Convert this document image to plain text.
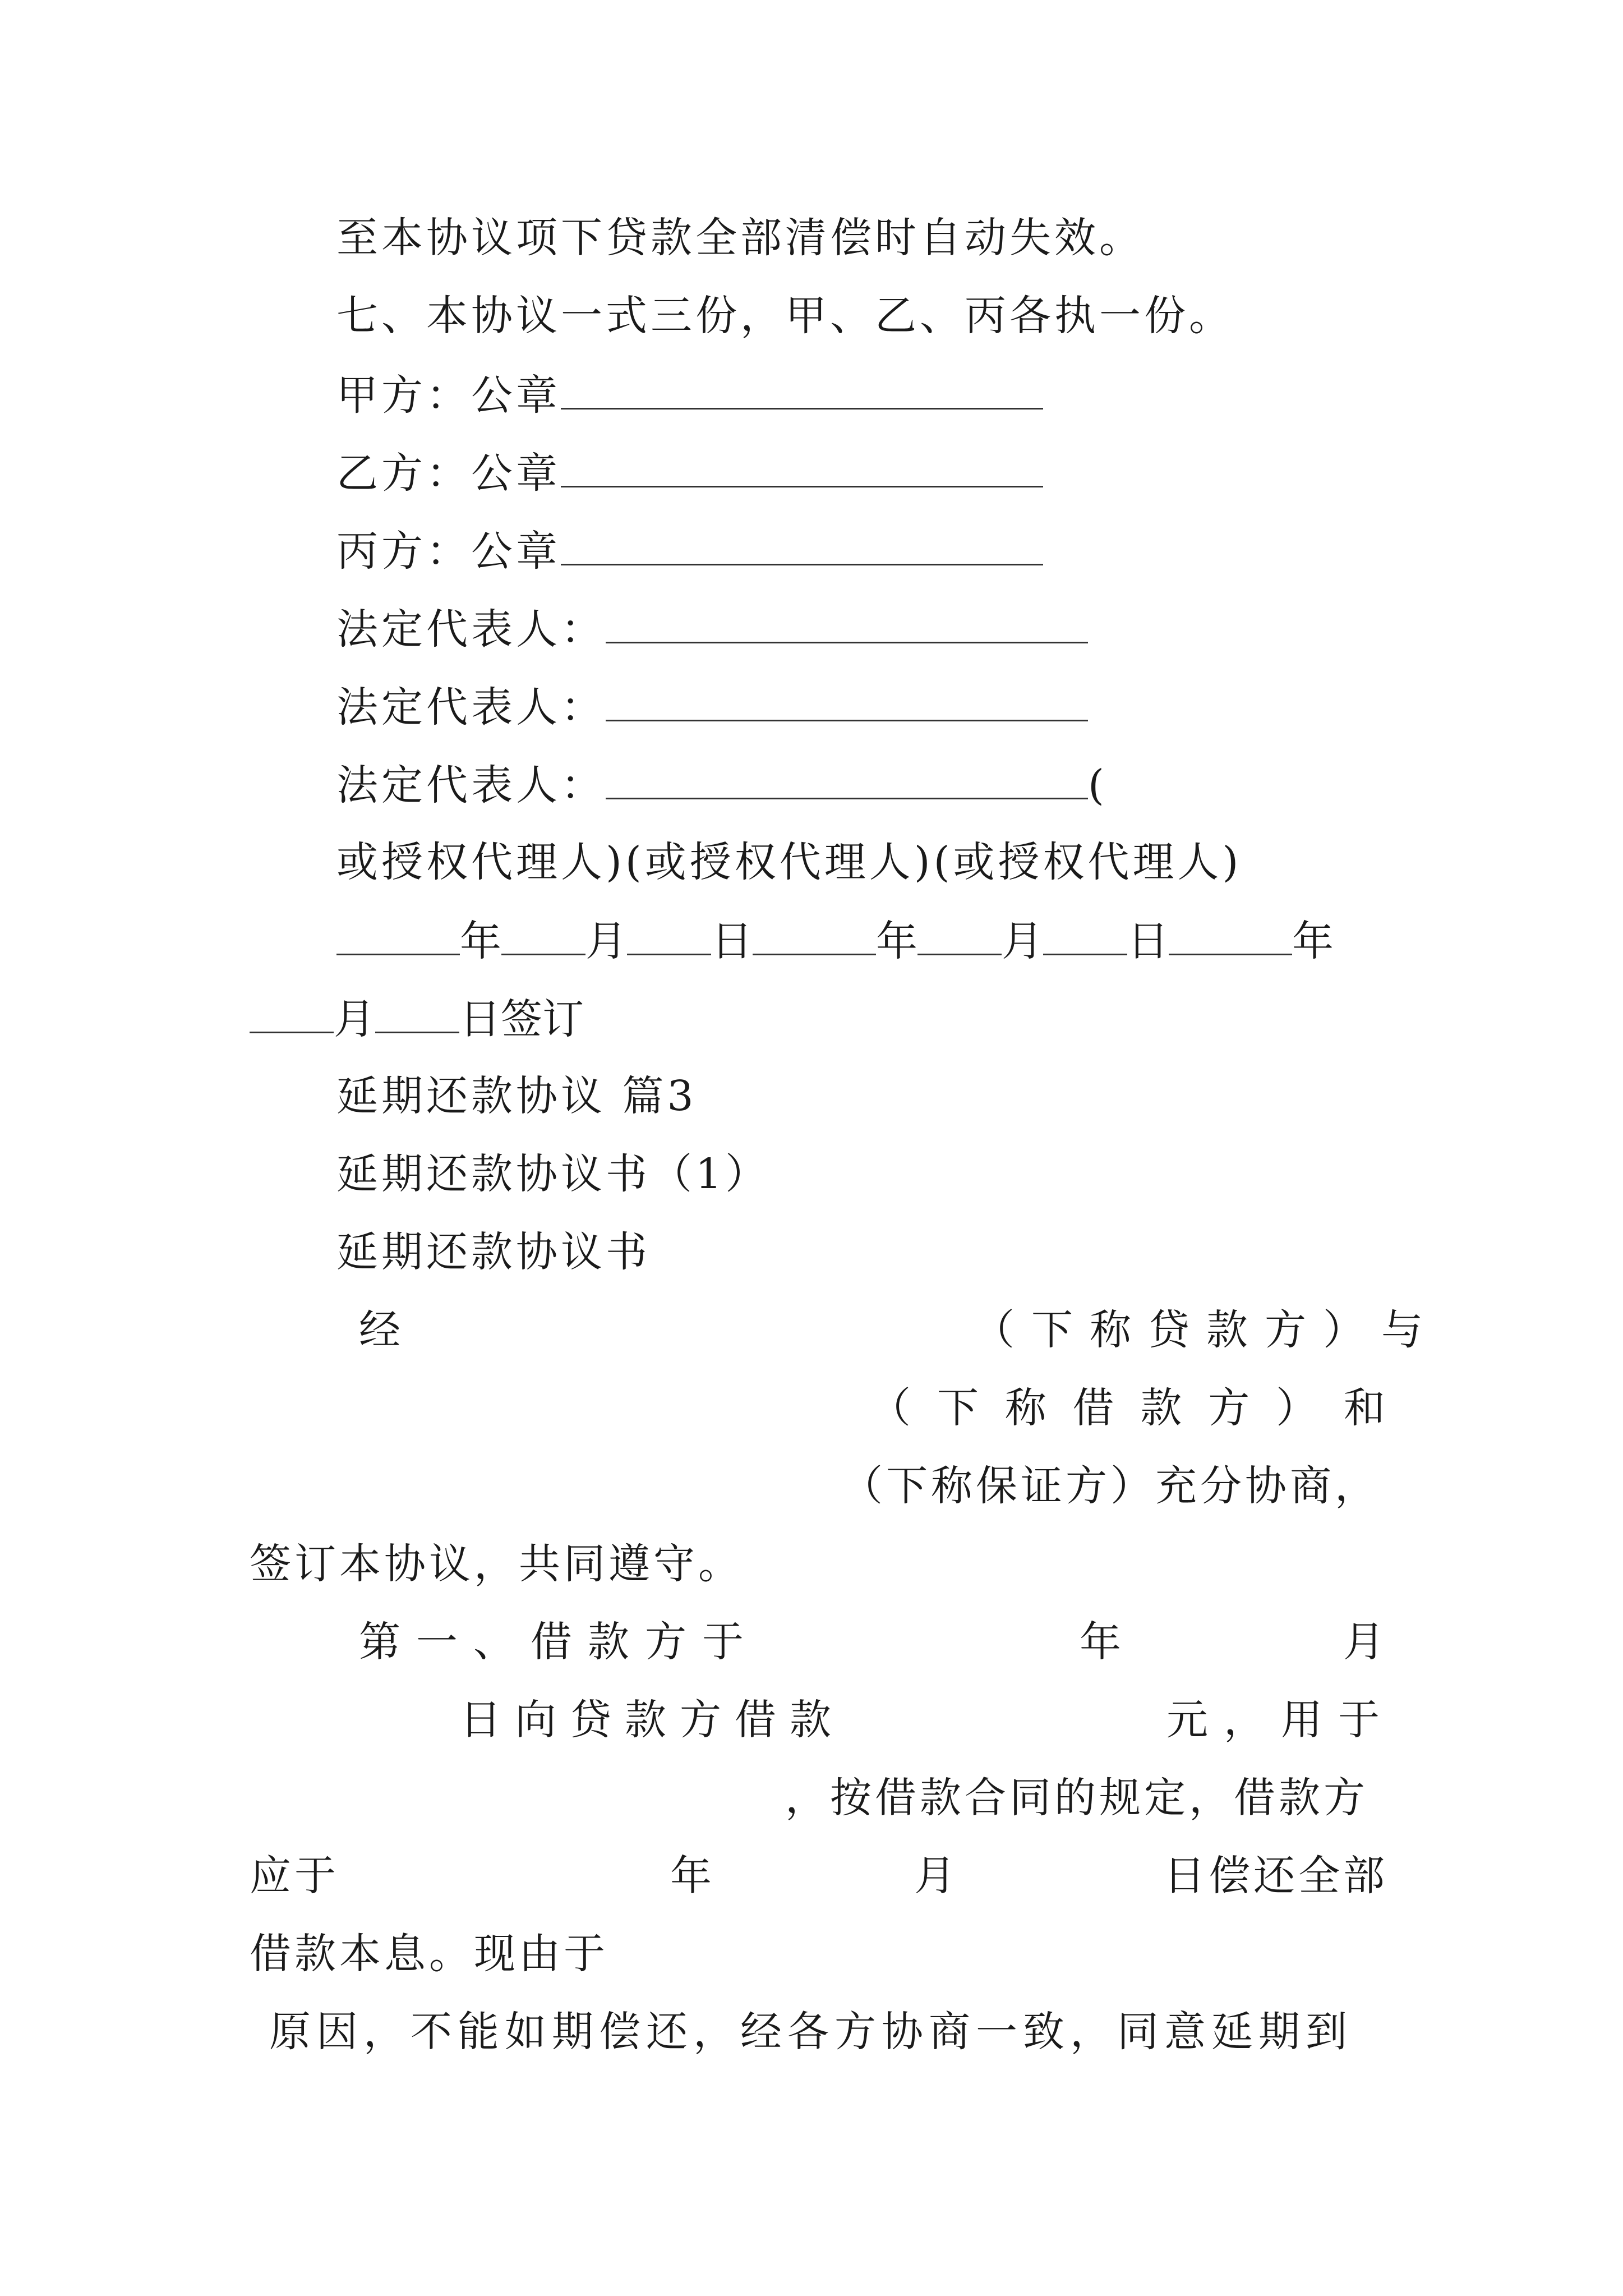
至本协议项下贷款全部清偿时自动失效。
七、本协议一式三份，甲、乙、丙各执一份。
甲方：公章
乙方：公章
丙方：公章
法定代表人：
法定代表人：
法定代表人：	(
或授权代理人)(或授权代理人)(或授权代理人)
年 月 日	年 月 日	年
月 日签订
延期还款协议 篇3
延期还款协议书（1）
延期还款协议书
经	（下称贷款方）与
（ 下 称 借 款 方 ） 和
（下称保证方）充分协商，
签订本协议，共同遵守。
第一、借款方于	年	月
日向贷款方借款	元，用于
，按借款合同的规定，借款方
应于	年	月	日偿还全部
借款本息。现由于
原因，不能如期偿还，经各方协商一致，同意延期到
